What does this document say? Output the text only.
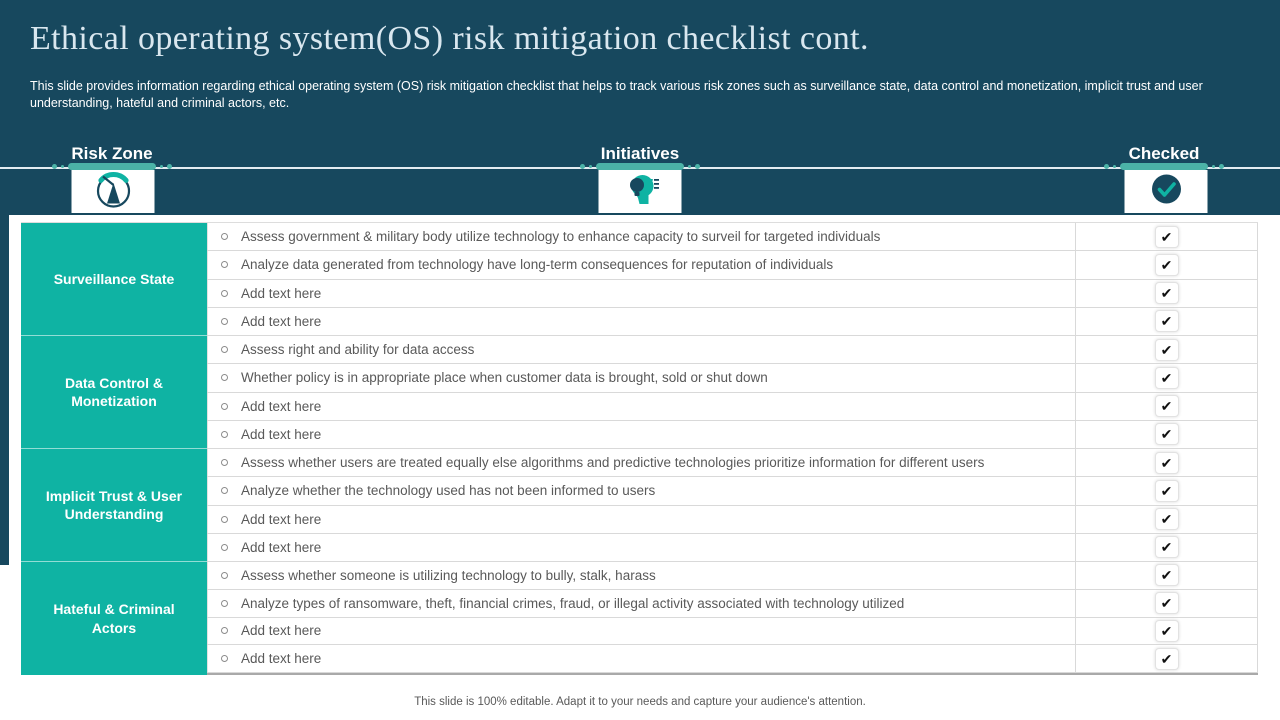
Ethical operating system(OS) risk mitigation checklist cont.

This slide provides information regarding ethical operating system (OS) risk mitigation checklist that helps to track various risk zones such as surveillance state, data control and monetization, implicit trust and user understanding, hateful and criminal actors, etc.

Risk Zone	Initiatives	Checked
Surveillance State
Assess government & military body utilize technology to enhance capacity to surveil for targeted individuals	✔
Analyze data generated from technology have long-term consequences for reputation of individuals	✔
Add text here	✔
Add text here	✔
Data Control & Monetization
Assess right and ability for data access	✔
Whether policy is in appropriate place when customer data is brought, sold or shut down	✔
Add text here	✔
Add text here	✔
Implicit Trust & User Understanding
Assess whether users are treated equally else algorithms and predictive technologies prioritize information for different users	✔
Analyze whether the technology used has not been informed to users	✔
Add text here	✔
Add text here	✔
Hateful & Criminal Actors
Assess whether someone is utilizing technology to bully, stalk, harass	✔
Analyze types of ransomware, theft, financial crimes, fraud, or illegal activity associated with technology utilized	✔
Add text here	✔
Add text here	✔
This slide is 100% editable. Adapt it to your needs and capture your audience's attention.
